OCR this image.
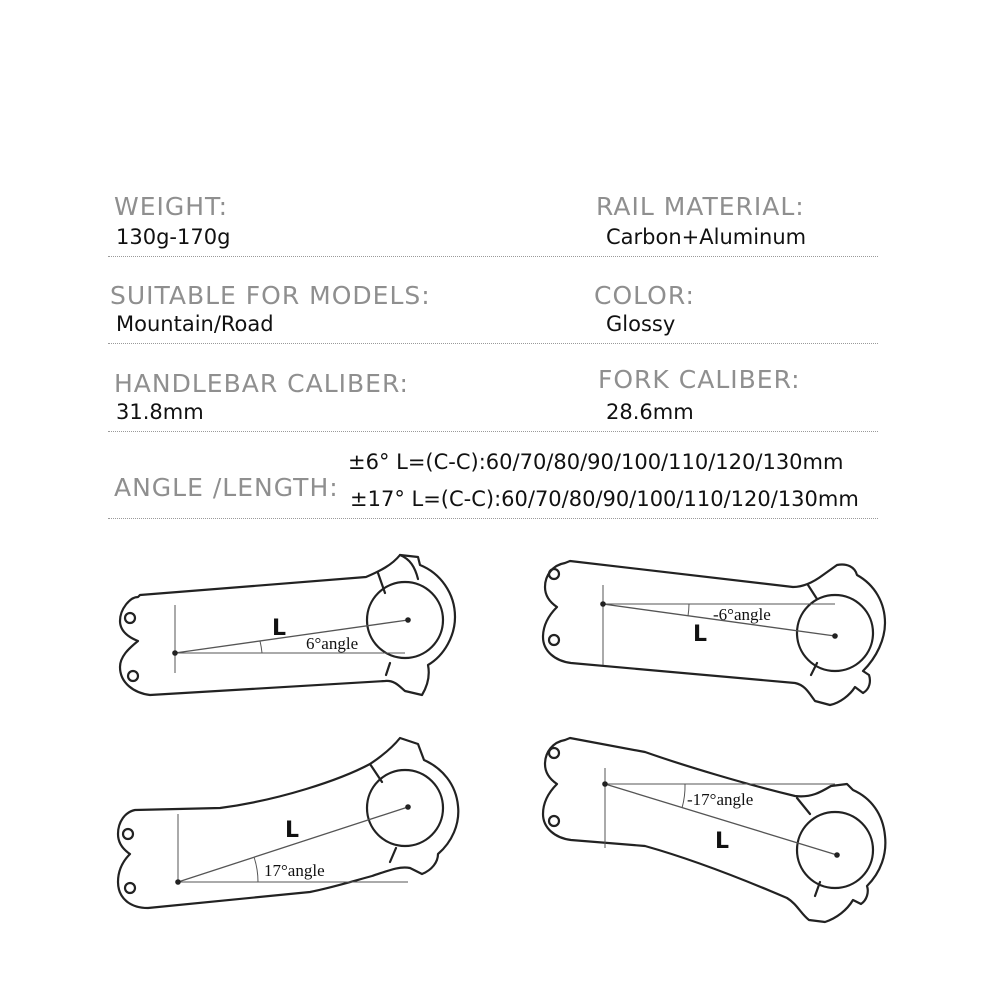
WEIGHT:
130g-170g
RAIL MATERIAL:
Carbon+Aluminum
SUITABLE FOR MODELS:
Mountain/Road
COLOR:
Glossy
HANDLEBAR CALIBER:
31.8mm
FORK CALIBER:
28.6mm
ANGLE /LENGTH:
±6° L=(C-C):60/70/80/90/100/110/120/130mm
±17° L=(C-C):60/70/80/90/100/110/120/130mm
L
6°angle	L
-6°angle
L
17°angle
L
-17°angle
